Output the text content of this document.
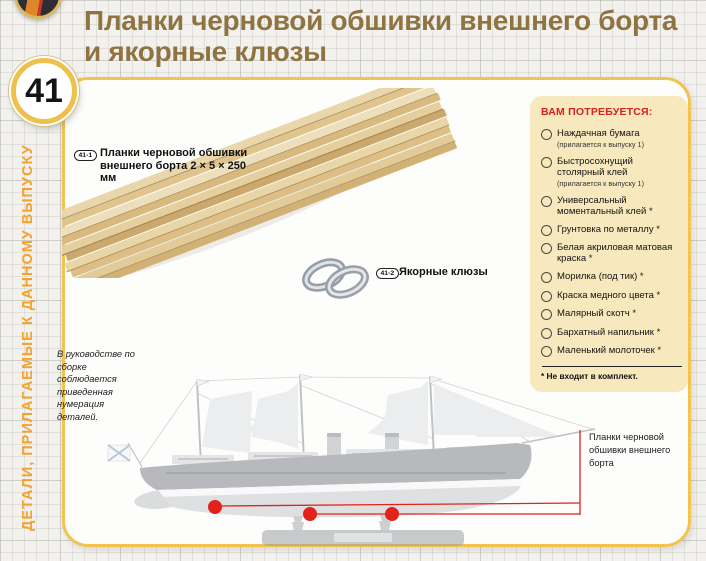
Планки черновой обшивки внешнего борта
и якорные клюзы
41
ДЕТАЛИ, ПРИЛАГАЕМЫЕ К ДАННОМУ ВЫПУСКУ	41-1 Планки черновой обшивки внешнего борта 2 × 5 × 250 мм
41-2 Якорные клюзы
В руководстве по сборке соблюдается приведенная нумерация деталей.
ВАМ ПОТРЕБУЕТСЯ:
Наждачная бумага
(прилагается к выпуску 1)
Быстросохнущий столярный клей
(прилагается к выпуску 1)
Универсальный моментальный клей *
Грунтовка по металлу *
Белая акриловая матовая краска *
Морилка (под тик) *
Краска медного цвета *
Малярный скотч *
Бархатный напильник *
Маленький молоточек *
* Не входит в комплект.
Планки черновой обшивки внешнего борта
